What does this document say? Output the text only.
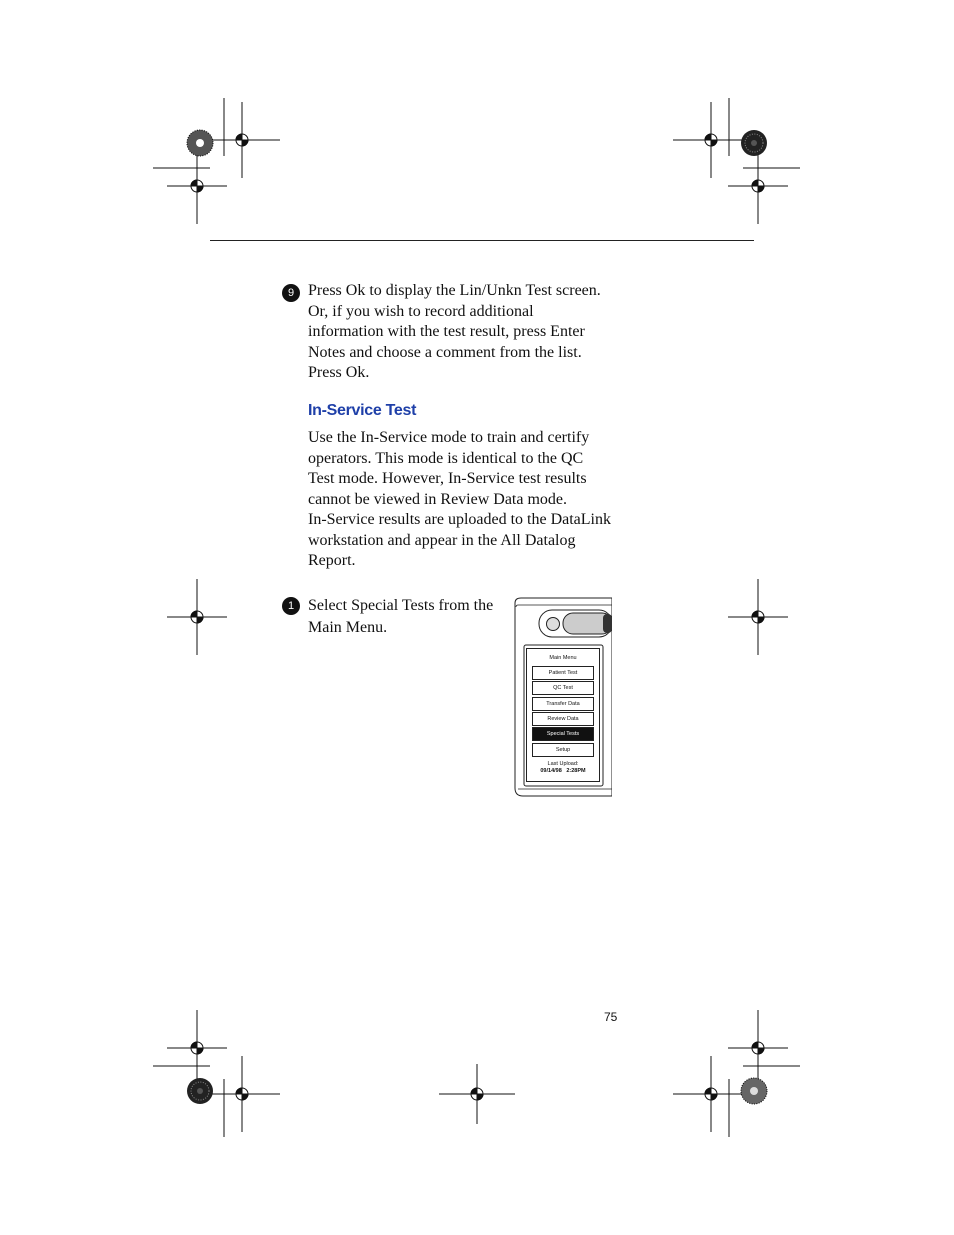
9 Press Ok to display the Lin/Unkn Test screen.
Or, if you wish to record additional
information with the test result, press Enter
Notes and choose a comment from the list.
Press Ok.
In-Service Test
Use the In-Service mode to train and certify
operators. This mode is identical to the QC
Test mode. However, In-Service test results
cannot be viewed in Review Data mode.
In-Service results are uploaded to the DataLink
workstation and appear in the All Datalog
Report.
1 Select Special Tests from the
Main Menu.
Main Menu
Patient Test
QC Test
Transfer Data
Review Data
Special Tests
Setup
Last Upload:
09/14/98   2:28PM
75
